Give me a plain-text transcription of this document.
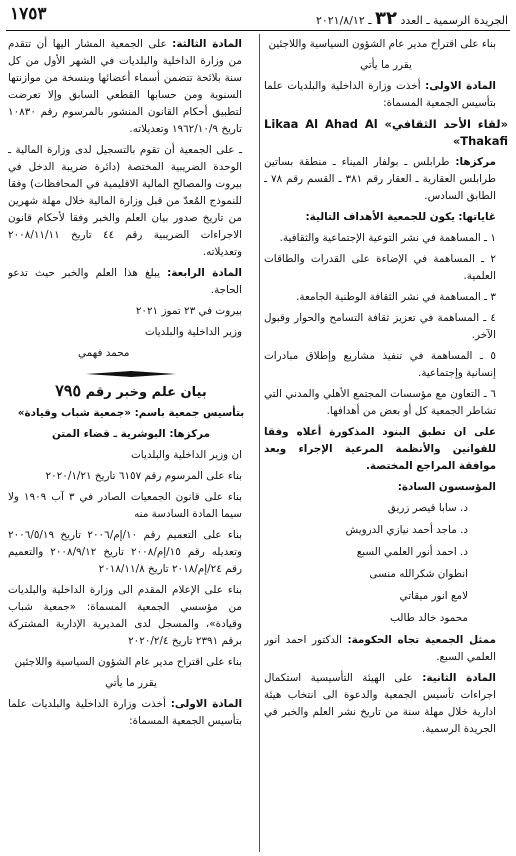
الجريدة الرسمية ـ العدد ٣٢ ـ ٢٠٢١/٨/١٢
١٧٥٣

بناء على اقتراح مدير عام الشؤون السياسية واللاجئين

يقرر ما يأتي

المادة الاولى: أخذت وزارة الداخلية والبلديات علما بتأسيس الجمعية المسماة:

«لقاء الأحد الثقافي» Likaa Al Ahad Al Thakafi»

مركزها: طرابلس ـ بولفار الميناء ـ منطقة بساتين طرابلس العقارية ـ العقار رقم ٣٨١ ـ القسم رقم ٧٨ ـ الطابق السادس.

غاياتها: يكون للجمعية الأهداف التالية:

١ ـ المساهمة في نشر التوعية الإجتماعية والثقافية.

٢ ـ المساهمة في الإضاءة على القدرات والطاقات العلمية.

٣ ـ المساهمة في نشر الثقافة الوطنية الجامعة.

٤ ـ المساهمة في تعزيز ثقافة التسامح والحوار وقبول الآخر.

٥ ـ المساهمة في تنفيذ مشاريع وإطلاق مبادرات إنسانية وإجتماعية.

٦ ـ التعاون مع مؤسسات المجتمع الأهلي والمدني التي تشاطر الجمعية كل أو بعض من أهدافها.

على ان تطبق البنود المذكورة أعلاه وفقا للقوانين والأنظمة المرعية الإجراء وبعد موافقة المراجع المختصة.

المؤسسون السادة:

د. سابا قيصر زريق

د. ماجد أحمد نيازي الدرويش

د. احمد أنور العلمي السبع

انطوان شكرالله منسى

لامع انور ميقاتي

محمود خالد طالب

ممثل الجمعية تجاه الحكومة: الدكتور احمد انور العلمي السبع.

المادة الثانية: على الهيئة التأسيسية استكمال اجراءات تأسيس الجمعية والدعوة الى انتخاب هيئة ادارية خلال مهلة سنة من تاريخ نشر العلم والخبر في الجريدة الرسمية.

المادة الثالثة: على الجمعية المشار اليها أن تتقدم من وزارة الداخلية والبلديات في الشهر الأول من كل سنة بلائحة تتضمن أسماء أعضائها وبنسخة من موازنتها السنوية ومن حسابها القطعي السابق وإلا تعرضت لتطبيق أحكام القانون المنشور بالمرسوم رقم ١٠٨٣٠ تاريخ ١٩٦٢/١٠/٩ وتعديلاته.

ـ على الجمعية أن تقوم بالتسجيل لدى وزارة المالية ـ الوحدة الضريبية المختصة (دائرة ضريبة الدخل في بيروت والمصالح المالية الاقليمية في المحافظات) وفقا للنموذج المُعدّ من قبل وزارة المالية خلال مهلة شهرين من تاريخ صدور بيان العلم والخبر وفقا لأحكام قانون الاجراءات الضريبية رقم ٤٤ تاريخ ٢٠٠٨/١١/١١ وتعديلاته.

المادة الرابعة: يبلغ هذا العلم والخبر حيث تدعو الحاجة.

بيروت في ٢٣ تموز ٢٠٢١

وزير الداخلية والبلديات

محمد فهمي

بيان علم وخبر رقم ٧٩٥

بتأسيس جمعية باسم: «جمعية شباب وقيادة»

مركزها: البوشرية ـ قضاء المتن

ان وزير الداخلية والبلديات

بناء على المرسوم رقم ٦١٥٧ تاريخ ٢٠٢٠/١/٢١

بناء على قانون الجمعيات الصادر في ٣ آب ١٩٠٩ ولا سيما المادة السادسة منه

بناء على التعميم رقم ١٠/إم/٢٠٠٦ تاريخ ٢٠٠٦/٥/١٩ وتعديله رقم ١٥/إم/٢٠٠٨ تاريخ ٢٠٠٨/٩/١٢ والتعميم رقم ٢٤/إم/٢٠١٨ تاريخ ٢٠١٨/١١/٨

بناء على الإعلام المقدم الى وزارة الداخلية والبلديات من مؤسسي الجمعية المسماة: «جمعية شباب وقيادة»، والمسجل لدى المديرية الإدارية المشتركة برقم ٢٣٩١ تاريخ ٢٠٢٠/٢/٤

بناء على اقتراح مدير عام الشؤون السياسية واللاجئين

يقرر ما يأتي

المادة الاولى: أخذت وزارة الداخلية والبلديات علما بتأسيس الجمعية المسماة:
